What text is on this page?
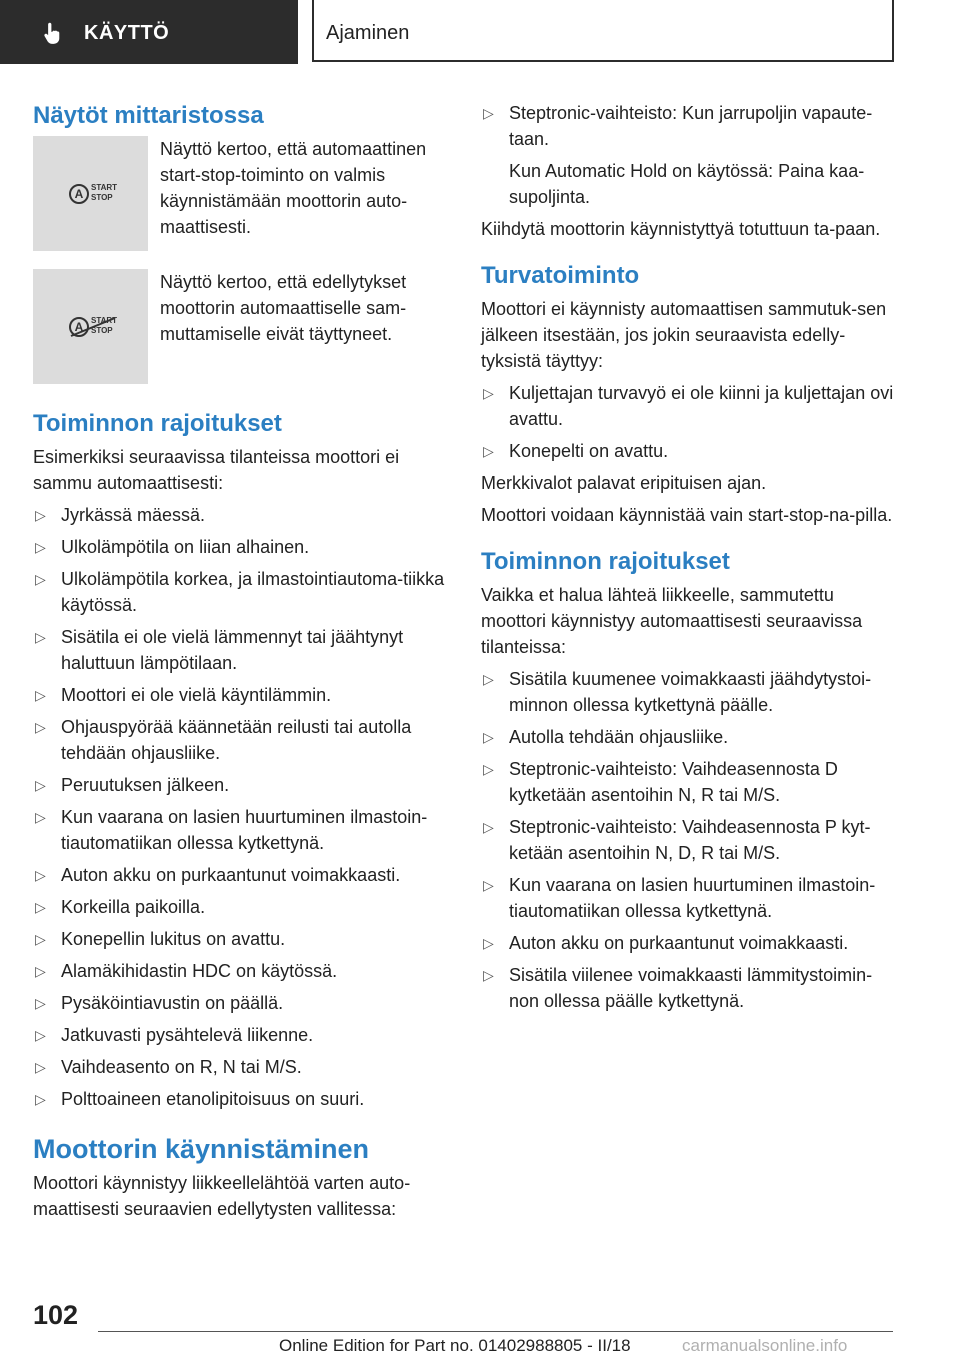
KÄYTTÖ	Ajaminen
Näytöt mittaristossa
A START
STOP
Näyttö kertoo, että automaattinen start-stop-toiminto on valmis käynnistämään moottorin auto-maattisesti.
A START
STOP
Näyttö kertoo, että edellytykset moottorin automaattiselle sam-muttamiselle eivät täyttyneet.
Toiminnon rajoitukset

Esimerkiksi seuraavissa tilanteissa moottori ei sammu automaattisesti:

▷ Jyrkässä mäessä.
▷ Ulkolämpötila on liian alhainen.
▷ Ulkolämpötila korkea, ja ilmastointiautoma-tiikka käytössä.
▷ Sisätila ei ole vielä lämmennyt tai jäähtynyt haluttuun lämpötilaan.
▷ Moottori ei ole vielä käyntilämmin.
▷ Ohjauspyörää käännetään reilusti tai autolla tehdään ohjausliike.
▷ Peruutuksen jälkeen.
▷ Kun vaarana on lasien huurtuminen ilmastoin-tiautomatiikan ollessa kytkettynä.
▷ Auton akku on purkaantunut voimakkaasti.
▷ Korkeilla paikoilla.
▷ Konepellin lukitus on avattu.
▷ Alamäkihidastin HDC on käytössä.
▷ Pysäköintiavustin on päällä.
▷ Jatkuvasti pysähtelevä liikenne.
▷ Vaihdeasento on R, N tai M/S.
▷ Polttoaineen etanolipitoisuus on suuri.
Moottorin käynnistäminen

Moottori käynnistyy liikkeellelähtöä varten auto-maattisesti seuraavien edellytysten vallitessa:

▷ Steptronic-vaihteisto: Kun jarrupoljin vapaute-taan.

Kun Automatic Hold on käytössä: Paina kaa-supoljinta.

Kiihdytä moottorin käynnistyttyä totuttuun ta-paan.

Turvatoiminto

Moottori ei käynnisty automaattisen sammutuk-sen jälkeen itsestään, jos jokin seuraavista edelly-tyksistä täyttyy:

▷ Kuljettajan turvavyö ei ole kiinni ja kuljettajan ovi avattu.
▷ Konepelti on avattu.

Merkkivalot palavat eripituisen ajan.

Moottori voidaan käynnistää vain start-stop-na-pilla.

Toiminnon rajoitukset

Vaikka et halua lähteä liikkeelle, sammutettu moottori käynnistyy automaattisesti seuraavissa tilanteissa:

▷ Sisätila kuumenee voimakkaasti jäähdytystoi-minnon ollessa kytkettynä päälle.
▷ Autolla tehdään ohjausliike.
▷ Steptronic-vaihteisto: Vaihdeasennosta D kytketään asentoihin N, R tai M/S.
▷ Steptronic-vaihteisto: Vaihdeasennosta P kyt-ketään asentoihin N, D, R tai M/S.
▷ Kun vaarana on lasien huurtuminen ilmastoin-tiautomatiikan ollessa kytkettynä.
▷ Auton akku on purkaantunut voimakkaasti.
▷ Sisätila viilenee voimakkaasti lämmitystoimin-non ollessa päälle kytkettynä.
102
Online Edition for Part no. 01402988805 - II/18	carmanualsonline.info
